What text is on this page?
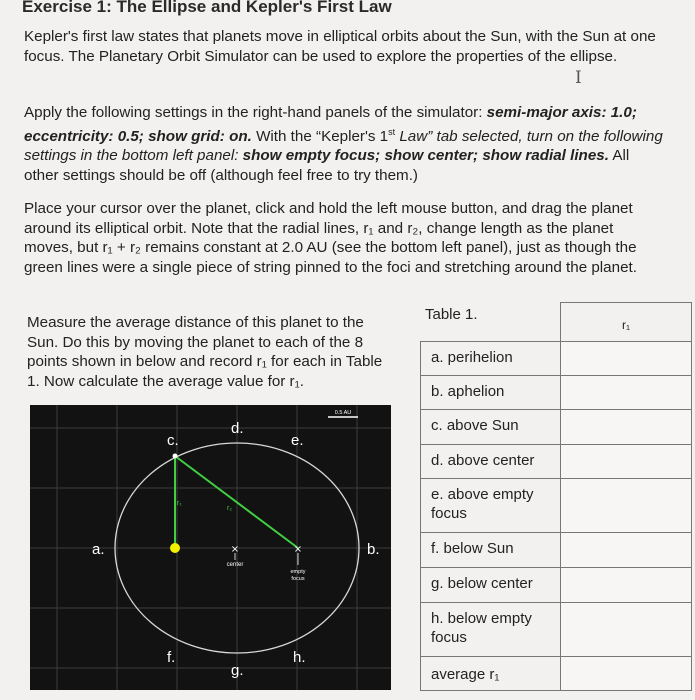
Exercise 1: The Ellipse and Kepler's First Law
Kepler's first law states that planets move in elliptical orbits about the Sun, with the Sun at one focus. The Planetary Orbit Simulator can be used to explore the properties of the ellipse.
I
Apply the following settings in the right-hand panels of the simulator: semi-major axis: 1.0; eccentricity: 0.5; show grid: on. With the “Kepler's 1st Law” tab selected, turn on the following settings in the bottom left panel: show empty focus; show center; show radial lines. All other settings should be off (although feel free to try them.)
Place your cursor over the planet, click and hold the left mouse button, and drag the planet around its elliptical orbit. Note that the radial lines, r₁ and r₂, change length as the planet moves, but r₁ + r₂ remains constant at 2.0 AU (see the bottom left panel), just as though the green lines were a single piece of string pinned to the foci and stretching around the planet.
Measure the average distance of this planet to the Sun. Do this by moving the planet to each of the 8 points shown in below and record r₁ for each in Table 1. Now calculate the average value for r₁.
0.5 AU
×
center
×
empty
focus
r₁
r₂
a.	b.
c.
d.
e.
f.
g.
h.
Table 1.
r₁
a. perihelion
b. aphelion
c. above Sun
d. above center
e. above empty focus
f. below Sun
g. below center
h. below empty focus
average r₁
